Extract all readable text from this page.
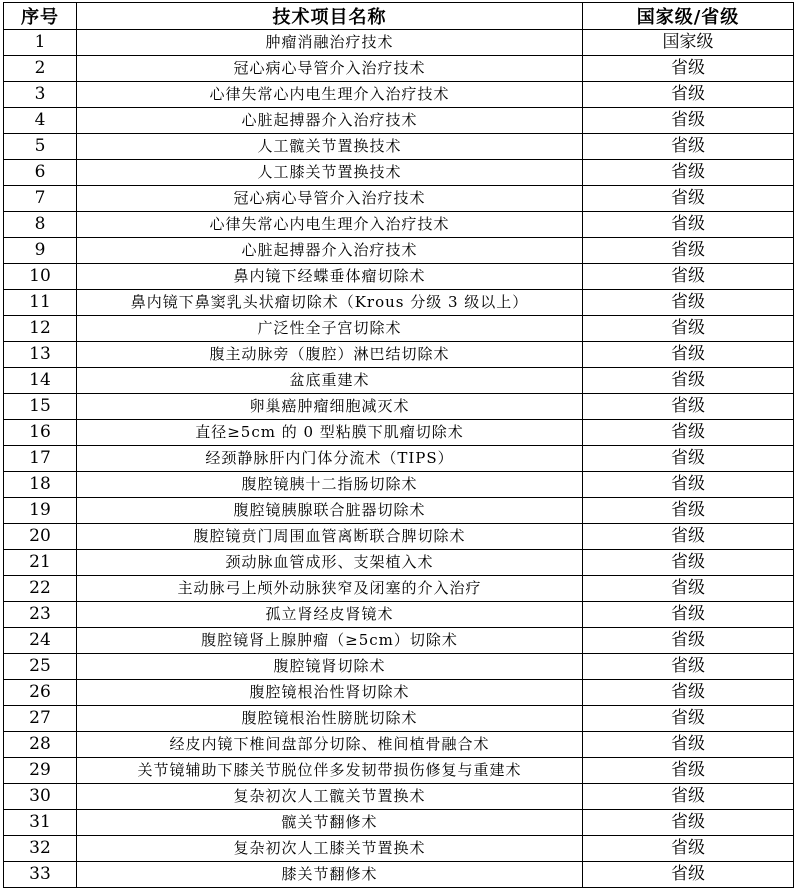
序号	技术项目名称	国家级/省级
1	肿瘤消融治疗技术	国家级
2	冠心病心导管介入治疗技术	省级
3	心律失常心内电生理介入治疗技术	省级
4	心脏起搏器介入治疗技术	省级
5	人工髋关节置换技术	省级
6	人工膝关节置换技术	省级
7	冠心病心导管介入治疗技术	省级
8	心律失常心内电生理介入治疗技术	省级
9	心脏起搏器介入治疗技术	省级
10	鼻内镜下经蝶垂体瘤切除术	省级
11	鼻内镜下鼻窦乳头状瘤切除术（Krous 分级 3 级以上）	省级
12	广泛性全子宫切除术	省级
13	腹主动脉旁（腹腔）淋巴结切除术	省级
14	盆底重建术	省级
15	卵巢癌肿瘤细胞减灭术	省级
16	直径≥5cm 的 0 型粘膜下肌瘤切除术	省级
17	经颈静脉肝内门体分流术（TIPS）	省级
18	腹腔镜胰十二指肠切除术	省级
19	腹腔镜胰腺联合脏器切除术	省级
20	腹腔镜贲门周围血管离断联合脾切除术	省级
21	颈动脉血管成形、支架植入术	省级
22	主动脉弓上颅外动脉狭窄及闭塞的介入治疗	省级
23	孤立肾经皮肾镜术	省级
24	腹腔镜肾上腺肿瘤（≥5cm）切除术	省级
25	腹腔镜肾切除术	省级
26	腹腔镜根治性肾切除术	省级
27	腹腔镜根治性膀胱切除术	省级
28	经皮内镜下椎间盘部分切除、椎间植骨融合术	省级
29	关节镜辅助下膝关节脱位伴多发韧带损伤修复与重建术	省级
30	复杂初次人工髋关节置换术	省级
31	髋关节翻修术	省级
32	复杂初次人工膝关节置换术	省级
33	膝关节翻修术	省级
